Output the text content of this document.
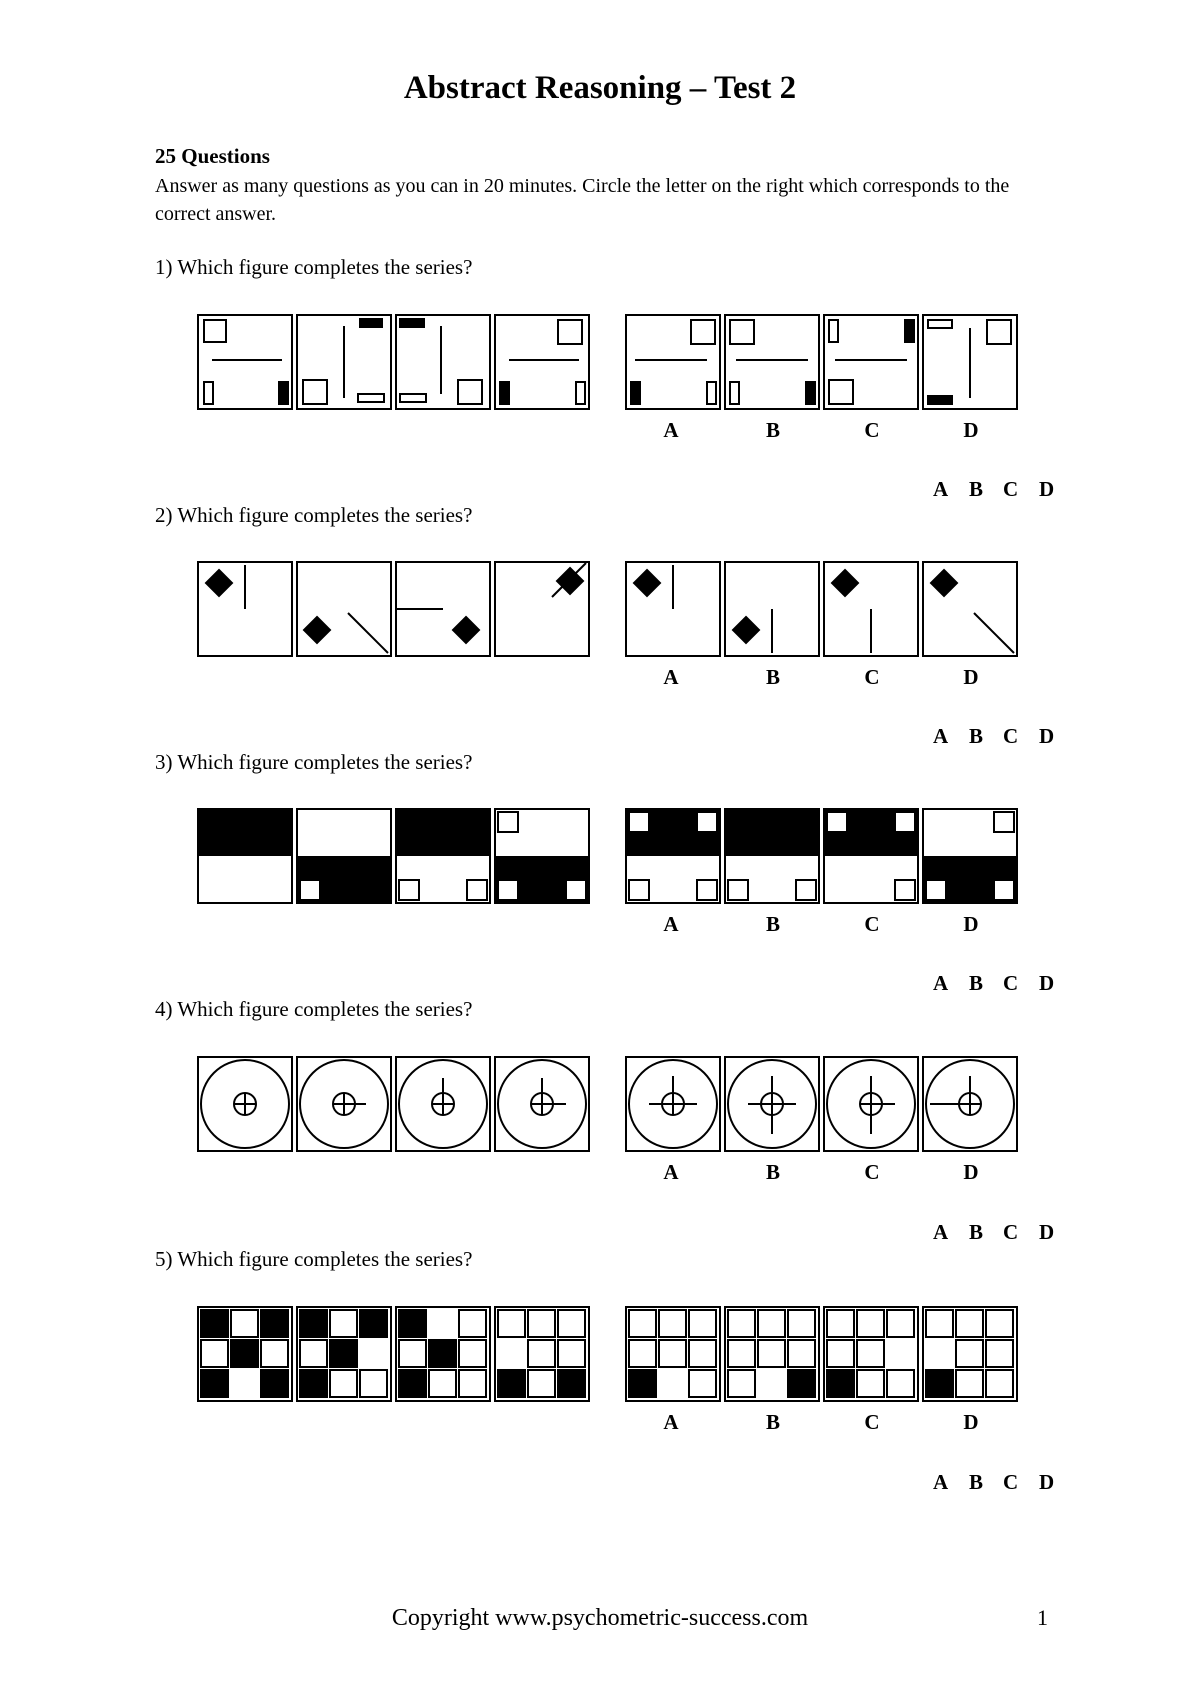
Abstract Reasoning – Test 2
25 Questions
Answer as many questions as you can in 20 minutes. Circle the letter on the right which corresponds to the correct answer.
1) Which figure completes the series?
A	B	C	D
A B C D
2) Which figure completes the series?
A	B	C	D
A B C D
3) Which figure completes the series?
A	B	C	D
A B C D
4) Which figure completes the series?
A	B	C	D
A B C D
5) Which figure completes the series?
A	B	C	D
A B C D
Copyright www.psychometric-success.com	1
